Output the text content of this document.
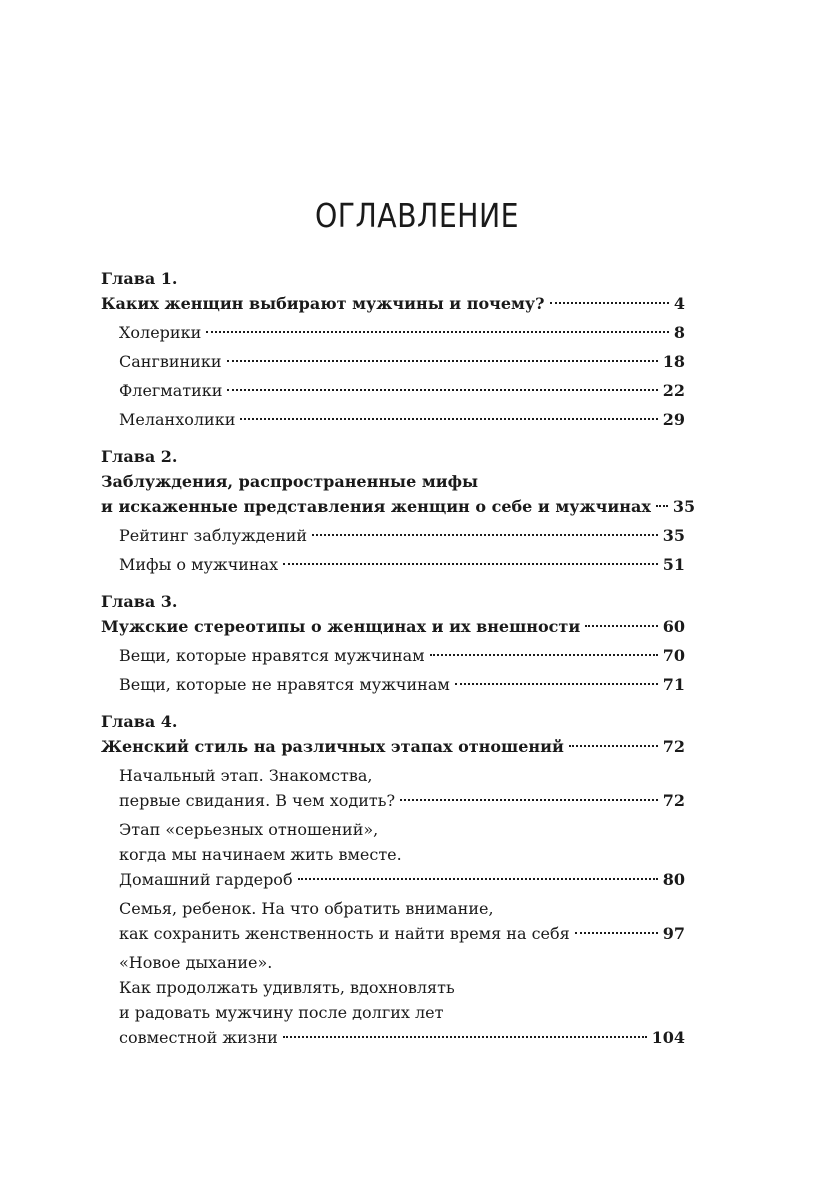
ОГЛАВЛЕНИЕ
Глава 1.
Каких женщин выбирают мужчины и почему?	4
Холерики	8
Сангвиники	18
Флегматики	22
Меланхолики	29
Глава 2.
Заблуждения, распространенные мифы
и искаженные представления женщин о себе и мужчинах 35
Рейтинг заблуждений	35
Мифы о мужчинах	51
Глава 3.
Мужские стереотипы о женщинах и их внешности	60
Вещи, которые нравятся мужчинам	70
Вещи, которые не нравятся мужчинам	71
Глава 4.
Женский стиль на различных этапах отношений	72
Начальный этап. Знакомства,
первые свидания. В чем ходить?	72
Этап «серьезных отношений»,
когда мы начинаем жить вместе.
Домашний гардероб	80
Семья, ребенок. На что обратить внимание,
как сохранить женственность и найти время на себя	97
«Новое дыхание».
Как продолжать удивлять, вдохновлять
и радовать мужчину после долгих лет
совместной жизни	104
